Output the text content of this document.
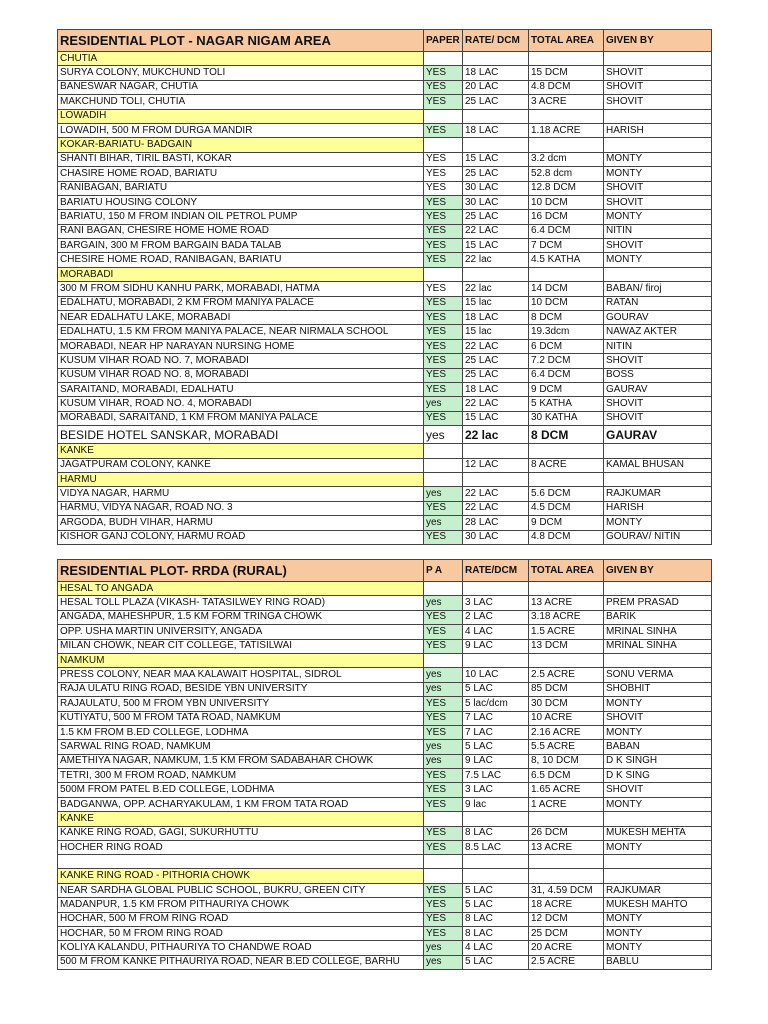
RESIDENTIAL PLOT - NAGAR NIGAM AREA	PAPER	RATE/ DCM	TOTAL AREA	GIVEN BY
CHUTIA				
SURYA COLONY, MUKCHUND TOLI	YES	18 LAC	15 DCM	SHOVIT
BANESWAR NAGAR, CHUTIA	YES	20 LAC	4.8 DCM	SHOVIT
MAKCHUND TOLI, CHUTIA	YES	25 LAC	3 ACRE	SHOVIT
LOWADIH				
LOWADIH, 500 M FROM DURGA MANDIR	YES	18 LAC	1.18 ACRE	HARISH
KOKAR-BARIATU- BADGAIN				
SHANTI BIHAR, TIRIL BASTI, KOKAR	YES	15 LAC	3.2 dcm	MONTY
CHASIRE HOME ROAD, BARIATU	YES	25 LAC	52.8 dcm	MONTY
RANIBAGAN, BARIATU	YES	30 LAC	12.8 DCM	SHOVIT
BARIATU HOUSING COLONY	YES	30 LAC	10 DCM	SHOVIT
BARIATU, 150 M FROM INDIAN OIL PETROL PUMP	YES	25 LAC	16 DCM	MONTY
RANI BAGAN, CHESIRE HOME HOME ROAD	YES	22 LAC	6.4 DCM	NITIN
BARGAIN, 300 M FROM BARGAIN BADA TALAB	YES	15 LAC	7 DCM	SHOVIT
CHESIRE HOME ROAD, RANIBAGAN, BARIATU	YES	22 lac	4.5 KATHA	MONTY
MORABADI				
300 M FROM SIDHU KANHU PARK, MORABADI, HATMA	YES	22 lac	14 DCM	BABAN/ firoj
EDALHATU, MORABADI, 2 KM FROM MANIYA PALACE	YES	15 lac	10 DCM	RATAN
NEAR EDALHATU LAKE, MORABADI	YES	18 LAC	8 DCM	GOURAV
EDALHATU, 1.5 KM FROM MANIYA PALACE, NEAR NIRMALA SCHOOL	YES	15 lac	19.3dcm	NAWAZ AKTER
MORABADI, NEAR HP NARAYAN NURSING HOME	YES	22 LAC	6 DCM	NITIN
KUSUM VIHAR ROAD NO. 7, MORABADI	YES	25 LAC	7.2 DCM	SHOVIT
KUSUM VIHAR ROAD NO. 8, MORABADI	YES	25 LAC	6.4 DCM	BOSS
SARAITAND, MORABADI, EDALHATU	YES	18 LAC	9 DCM	GAURAV
KUSUM VIHAR, ROAD NO. 4, MORABADI	yes	22 LAC	5 KATHA	SHOVIT
MORABADI, SARAITAND, 1 KM FROM MANIYA PALACE	YES	15 LAC	30 KATHA	SHOVIT
BESIDE HOTEL SANSKAR, MORABADI	yes	22 lac	8 DCM	GAURAV
KANKE				
JAGATPURAM COLONY, KANKE		12 LAC	8 ACRE	KAMAL BHUSAN
HARMU				
VIDYA NAGAR, HARMU	yes	22 LAC	5.6 DCM	RAJKUMAR
HARMU, VIDYA NAGAR, ROAD NO. 3	YES	22 LAC	4.5 DCM	HARISH
ARGODA, BUDH VIHAR, HARMU	yes	28 LAC	9 DCM	MONTY
KISHOR GANJ COLONY, HARMU ROAD	YES	30 LAC	4.8 DCM	GOURAV/ NITIN
RESIDENTIAL PLOT- RRDA (RURAL)	P A	RATE/DCM	TOTAL AREA	GIVEN BY
HESAL TO ANGADA				
HESAL TOLL PLAZA (VIKASH- TATASILWEY RING ROAD)	yes	3 LAC	13 ACRE	PREM PRASAD
ANGADA, MAHESHPUR, 1.5 KM FORM TRINGA CHOWK	YES	2 LAC	3.18 ACRE	BARIK
OPP. USHA MARTIN UNIVERSITY, ANGADA	YES	4 LAC	1.5 ACRE	MRINAL SINHA
MILAN CHOWK, NEAR CIT COLLEGE, TATISILWAI	YES	9 LAC	13 DCM	MRINAL SINHA
NAMKUM				
PRESS COLONY, NEAR MAA KALAWAIT HOSPITAL, SIDROL	yes	10 LAC	2.5 ACRE	SONU VERMA
RAJA ULATU RING ROAD, BESIDE YBN UNIVERSITY	yes	5 LAC	85 DCM	SHOBHIT
RAJAULATU, 500 M FROM YBN UNIVERSITY	YES	5 lac/dcm	30 DCM	MONTY
KUTIYATU, 500 M FROM TATA ROAD, NAMKUM	YES	7 LAC	10 ACRE	SHOVIT
1.5 KM FROM B.ED COLLEGE, LODHMA	YES	7 LAC	2.16 ACRE	MONTY
SARWAL RING ROAD, NAMKUM	yes	5 LAC	5.5 ACRE	BABAN
AMETHIYA NAGAR, NAMKUM, 1.5 KM FROM SADABAHAR CHOWK	yes	9 LAC	8, 10 DCM	D K SINGH
TETRI, 300 M FROM ROAD, NAMKUM	YES	7.5 LAC	6.5 DCM	D K SING
500M FROM PATEL B.ED COLLEGE, LODHMA	YES	3 LAC	1.65 ACRE	SHOVIT
BADGANWA, OPP. ACHARYAKULAM, 1 KM FROM TATA ROAD	YES	9 lac	1 ACRE	MONTY
KANKE				
KANKE RING ROAD, GAGI, SUKURHUTTU	YES	8 LAC	26 DCM	MUKESH MEHTA
HOCHER RING ROAD	YES	8.5 LAC	13 ACRE	MONTY

KANKE RING ROAD - PITHORIA CHOWK				
NEAR SARDHA GLOBAL PUBLIC SCHOOL, BUKRU, GREEN CITY	YES	5 LAC	31, 4.59 DCM	RAJKUMAR
MADANPUR, 1.5 KM FROM PITHAURIYA CHOWK	YES	5 LAC	18 ACRE	MUKESH MAHTO
HOCHAR, 500 M FROM RING ROAD	YES	8 LAC	12 DCM	MONTY
HOCHAR, 50 M FROM RING ROAD	YES	8 LAC	25 DCM	MONTY
KOLIYA KALANDU, PITHAURIYA TO CHANDWE ROAD	yes	4 LAC	20 ACRE	MONTY
500 M FROM KANKE PITHAURIYA ROAD, NEAR B.ED COLLEGE, BARHU	yes	5 LAC	2.5 ACRE	BABLU
